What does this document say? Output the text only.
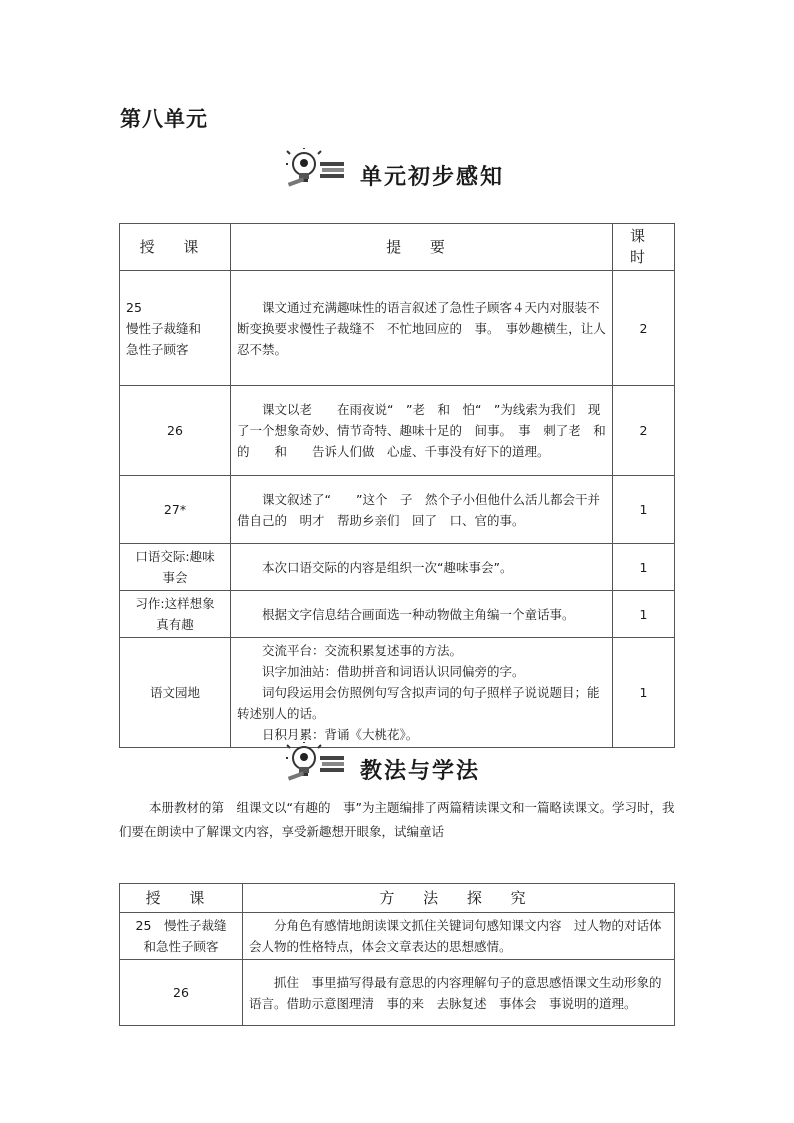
第八单元
单元初步感知
授 课	提 要	课 时

25
慢性子裁缝和
急性子顾客	课文通过充满趣味性的语言叙述了急性子顾客４天内对服装不断变换要求慢性子裁缝不　不忙地回应的　事。　事妙趣横生，让人忍不禁。	2
26	课文以老　　在雨夜说“　”老　和　怕“　”为线索为我们　现了一个想象奇妙、情节奇特、趣味十足的　间事。　事　刺了老　和　的　　和　　告诉人们做　心虚、千事没有好下的道理。	2
27*	课文叙述了“　　”这个　子　然个子小但他什么活儿都会干并　借自己的　明才　帮助乡亲们　回了　口、官的事。	1
口语交际:趣味
事会	本次口语交际的内容是组织一次“趣味事会”。	1
习作:这样想象
真有趣	根据文字信息结合画面选一种动物做主角编一个童话事。	1
语文园地	交流平台：交流积累复述事的方法。

识字加油站：借助拼音和词语认识同偏旁的字。

词句段运用会仿照例句写含拟声词的句子照样子说说题目；能转述别人的话。

日积月累：背诵《大桃花》。	1
教法与学法

本册教材的第　组课文以“有趣的　事”为主题编排了两篇精读课文和一篇略读课文。学习时，我们要在朗读中了解课文内容，享受新趣想开眼象，试编童话

授 课	方 法 探 究
25　慢性子裁缝
和急性子顾客	分角色有感情地朗读课文抓住关键词句感知课文内容　过人物的对话体会人物的性格特点，体会文章表达的思想感情。

26	抓住　事里描写得最有意思的内容理解句子的意思感悟课文生动形象的语言。借助示意图理清　事的来　去脉复述　事体会　事说明的道理。
